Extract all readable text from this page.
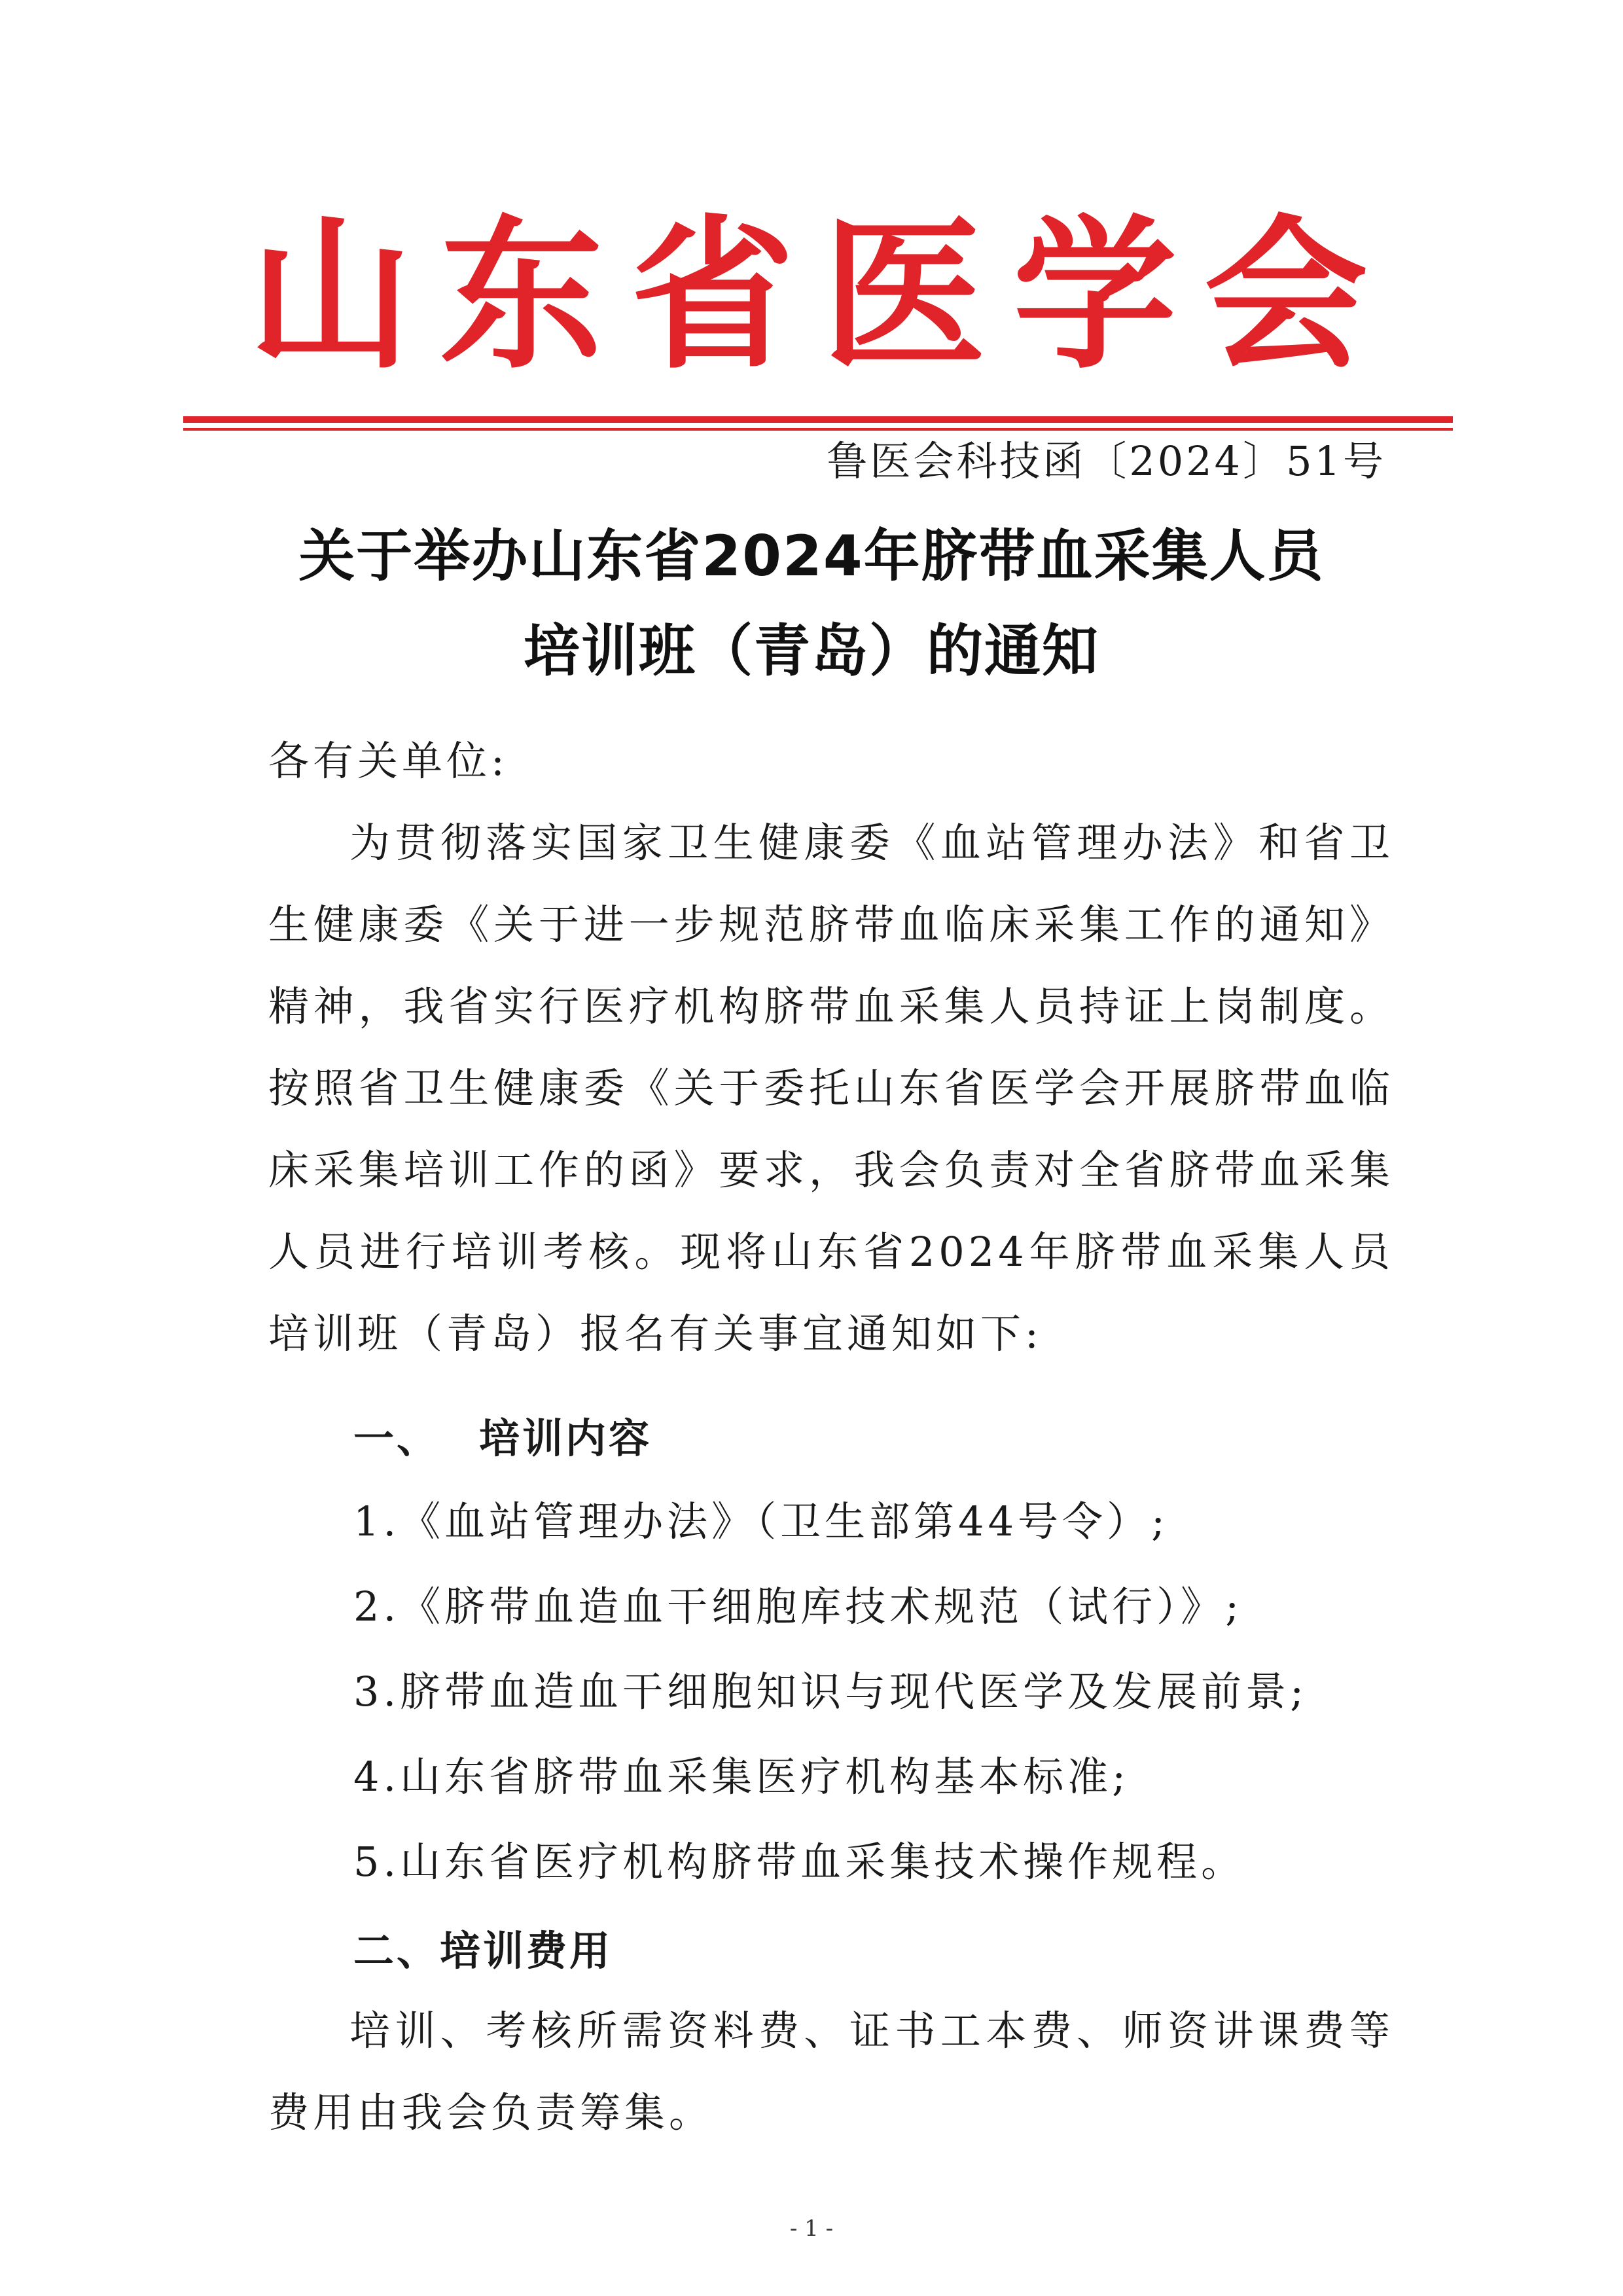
山东省医学会
鲁医会科技函〔2024〕51号
关于举办山东省2024年脐带血采集人员
培训班（青岛）的通知
各有关单位:
为贯彻落实国家卫生健康委《血站管理办法》和省卫生健康委《关于进一步规范脐带血临床采集工作的通知》精神，我省实行医疗机构脐带血采集人员持证上岗制度。按照省卫生健康委《关于委托山东省医学会开展脐带血临床采集培训工作的函》要求，我会负责对全省脐带血采集人员进行培训考核。现将山东省2024年脐带血采集人员培训班（青岛）报名有关事宜通知如下:
一、 培训内容
1.《血站管理办法》（卫生部第44号令）;
2.《脐带血造血干细胞库技术规范（试行）》;
3.脐带血造血干细胞知识与现代医学及发展前景;
4.山东省脐带血采集医疗机构基本标准;
5.山东省医疗机构脐带血采集技术操作规程。
二、培训费用
培训、考核所需资料费、证书工本费、师资讲课费等费用由我会负责筹集。
- 1 -
